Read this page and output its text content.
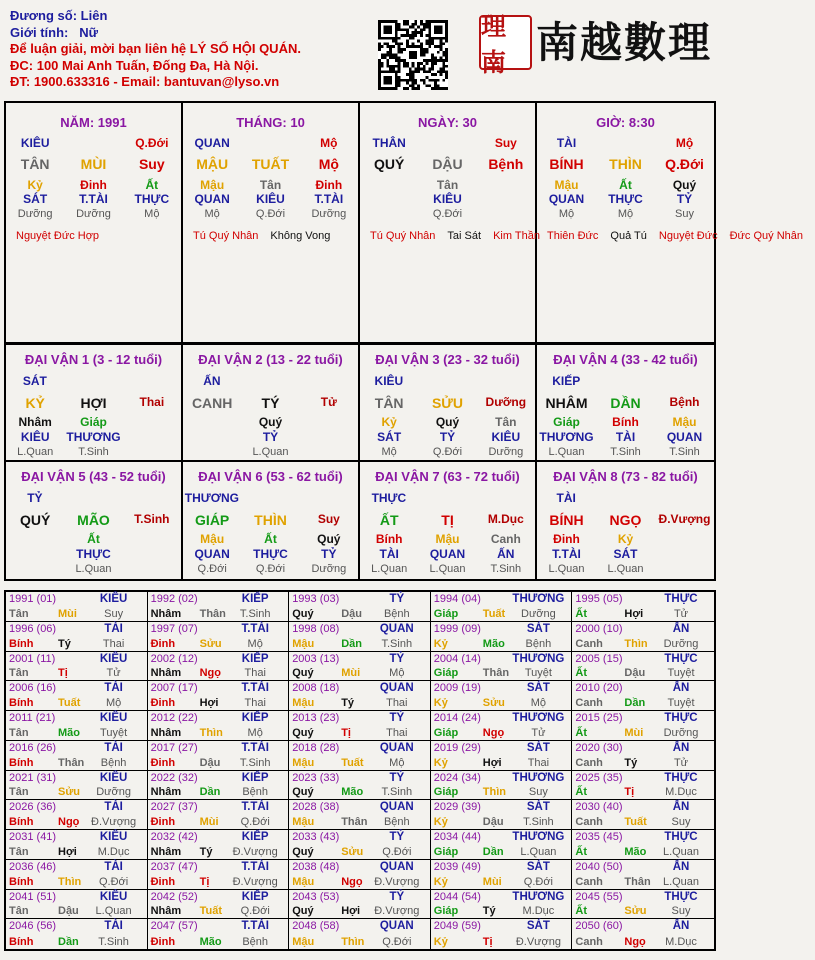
Đương số: Liên
Giới tính: Nữ
Để luận giải, mời bạn liên hệ LÝ SỐ HỘI QUÁN.
ĐC: 100 Mai Anh Tuấn, Đống Đa, Hà Nội.
ĐT: 1900.633316 - Email: bantuvan@lyso.vn
理南 南越數理
NĂM: 1991
KIÊU	Q.Đới
TÂN	MÙI	Suy
Kỷ	Đinh	Ất
SÁT	T.TÀI	THỰC
Dưỡng	Dưỡng	Mộ
Nguyệt Đức Hợp
THÁNG: 10
QUAN	Mộ
MẬU	TUẤT	Mộ
Mậu	Tân	Đinh
QUAN	KIÊU	T.TÀI
Mộ	Q.Đới	Dưỡng
Tú Quý Nhân Không Vong
NGÀY: 30
THÂN	Suy
QUÝ	DẬU	Bệnh
Tân
KIÊU
Q.Đới
Tú Quý Nhân Tai Sát Kim Thần
GIỜ: 8:30
TÀI	Mộ
BÍNH	THÌN	Q.Đới
Mậu	Ất	Quý
QUAN	THỰC	TỶ
Mộ	Mộ	Suy
Thiên Đức Quả Tú Nguyệt Đức Đức Quý Nhân
ĐẠI VẬN 1 (3 - 12 tuổi)
SÁT
KỶ	HỢI	Thai
Nhâm	Giáp
KIÊU	THƯƠNG
L.Quan	T.Sinh
ĐẠI VẬN 2 (13 - 22 tuổi)
ẤN
CANH	TÝ	Tử
Quý
TỶ
L.Quan
ĐẠI VẬN 3 (23 - 32 tuổi)
KIÊU
TÂN	SỬU	Dưỡng
Kỷ	Quý	Tân
SÁT	TỶ	KIÊU
Mộ	Q.Đới	Dưỡng
ĐẠI VẬN 4 (33 - 42 tuổi)
KIẾP
NHÂM	DẦN	Bệnh
Giáp	Bính	Mậu
THƯƠNG	TÀI	QUAN
L.Quan	T.Sinh	T.Sinh
ĐẠI VẬN 5 (43 - 52 tuổi)
TỶ
QUÝ	MÃO	T.Sinh
Ất
THỰC
L.Quan
ĐẠI VẬN 6 (53 - 62 tuổi)
THƯƠNG
GIÁP	THÌN	Suy
Mậu	Ất	Quý
QUAN	THỰC	TỶ
Q.Đới	Q.Đới	Dưỡng
ĐẠI VẬN 7 (63 - 72 tuổi)
THỰC
ẤT	TỊ	M.Dục
Bính	Mậu	Canh
TÀI	QUAN	ẤN
L.Quan	L.Quan	T.Sinh
ĐẠI VẬN 8 (73 - 82 tuổi)
TÀI
BÍNH	NGỌ	Đ.Vượng
Đinh	Kỷ
T.TÀI	SÁT
L.Quan	L.Quan
1991 (01)	KIÊU
Tân	Mùi	Suy
1992 (02)	KIẾP
Nhâm Thân	T.Sinh
1993 (03)	TỶ
Quý	Dậu	Bệnh
1994 (04)	THƯƠNG
Giáp Tuất	Dưỡng
1995 (05)	THỰC
Ất	Hợi	Tử
1996 (06)	TÀI
Bính Tý	Thai
1997 (07)	T.TÀI
Đinh Sửu	Mộ
1998 (08)	QUAN
Mậu Dần	T.Sinh
1999 (09)	SÁT
Kỷ	Mão	Bệnh
2000 (10)	ẤN
Canh Thìn	Dưỡng
2001 (11)	KIÊU
Tân	Tị	Tử
2002 (12)	KIẾP
Nhâm Ngọ	Thai
2003 (13)	TỶ
Quý	Mùi	Mộ
2004 (14)	THƯƠNG
Giáp Thân	Tuyệt
2005 (15)	THỰC
Ất	Dậu	Tuyệt
2006 (16)	TÀI
Bính Tuất	Mộ
2007 (17)	T.TÀI
Đinh Hợi	Thai
2008 (18)	QUAN
Mậu Tý	Thai
2009 (19)	SÁT
Kỷ	Sửu	Mộ
2010 (20)	ẤN
Canh Dần	Tuyệt
2011 (21)	KIÊU
Tân	Mão	Tuyệt
2012 (22)	KIẾP
Nhâm Thìn	Mộ
2013 (23)	TỶ
Quý	Tị	Thai
2014 (24)	THƯƠNG
Giáp Ngọ	Tử
2015 (25)	THỰC
Ất	Mùi	Dưỡng
2016 (26)	TÀI
Bính Thân	Bệnh
2017 (27)	T.TÀI
Đinh Dậu	T.Sinh
2018 (28)	QUAN
Mậu Tuất	Mộ
2019 (29)	SÁT
Kỷ	Hợi	Thai
2020 (30)	ẤN
Canh Tý	Tử
2021 (31)	KIÊU
Tân	Sửu	Dưỡng
2022 (32)	KIẾP
Nhâm Dần	Bệnh
2023 (33)	TỶ
Quý	Mão	T.Sinh
2024 (34)	THƯƠNG
Giáp Thìn	Suy
2025 (35)	THỰC
Ất	Tị	M.Dục
2026 (36)	TÀI
Bính Ngọ	Đ.Vượng
2027 (37)	T.TÀI
Đinh Mùi	Q.Đới
2028 (38)	QUAN
Mậu Thân	Bệnh
2029 (39)	SÁT
Kỷ	Dậu	T.Sinh
2030 (40)	ẤN
Canh Tuất	Suy
2031 (41)	KIÊU
Tân	Hợi	M.Dục
2032 (42)	KIẾP
Nhâm Tý	Đ.Vượng
2033 (43)	TỶ
Quý	Sửu	Q.Đới
2034 (44)	THƯƠNG
Giáp Dần	L.Quan
2035 (45)	THỰC
Ất	Mão	L.Quan
2036 (46)	TÀI
Bính Thìn	Q.Đới
2037 (47)	T.TÀI
Đinh Tị	Đ.Vượng
2038 (48)	QUAN
Mậu Ngọ	Đ.Vượng
2039 (49)	SÁT
Kỷ	Mùi	Q.Đới
2040 (50)	ẤN
Canh Thân	L.Quan
2041 (51)	KIÊU
Tân	Dậu	L.Quan
2042 (52)	KIẾP
Nhâm Tuất	Q.Đới
2043 (53)	TỶ
Quý	Hợi	Đ.Vượng
2044 (54)	THƯƠNG
Giáp Tý	M.Dục
2045 (55)	THỰC
Ất	Sửu	Suy
2046 (56)	TÀI
Bính Dần	T.Sinh
2047 (57)	T.TÀI
Đinh Mão	Bệnh
2048 (58)	QUAN
Mậu Thìn	Q.Đới
2049 (59)	SÁT
Kỷ	Tị	Đ.Vượng
2050 (60)	ẤN
Canh Ngọ	M.Dục
